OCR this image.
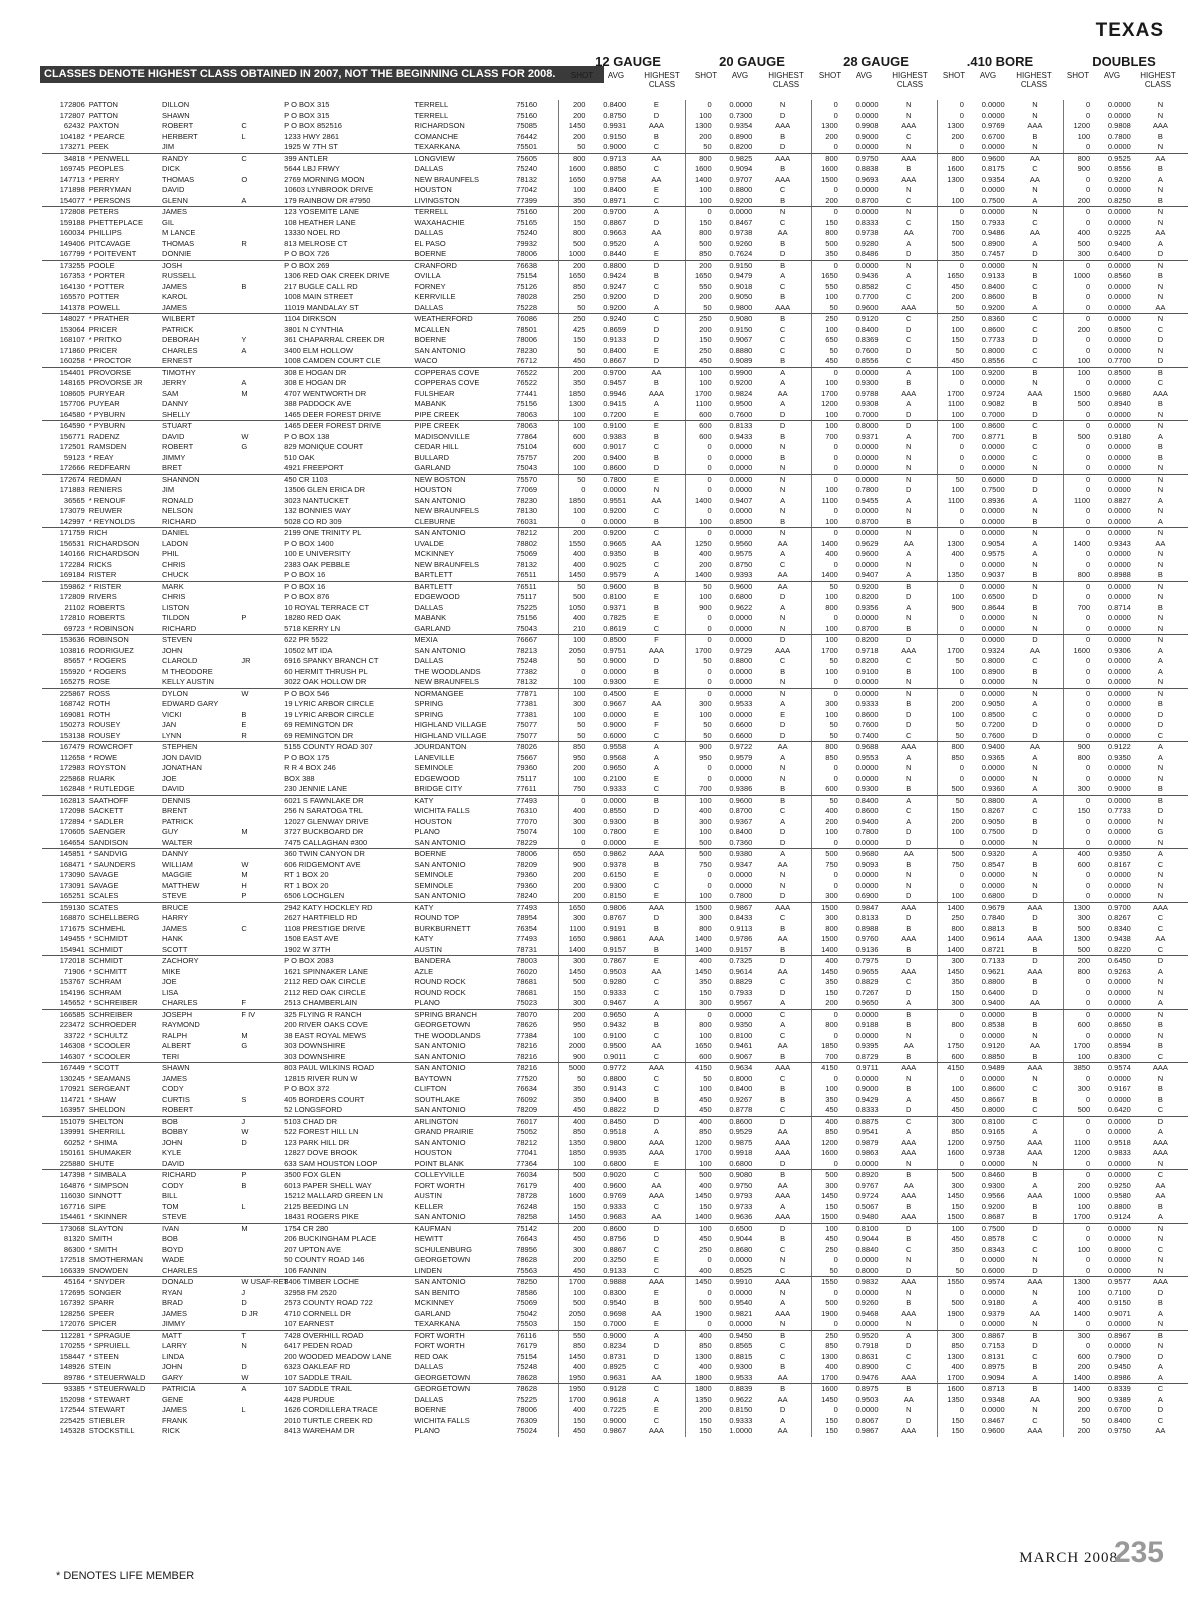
TEXAS
CLASSES DENOTE HIGHEST CLASS OBTAINED IN 2007, NOT THE BEGINNING CLASS FOR 2008.
12 GAUGE
SHOT	AVG	HIGHEST CLASS
20 GAUGE
SHOT	AVG	HIGHEST CLASS
28 GAUGE
SHOT	AVG	HIGHEST CLASS
.410 BORE
SHOT	AVG	HIGHEST CLASS
DOUBLES
SHOT	AVG	HIGHEST CLASS
172806	PATTON	DILLON		P O BOX 315	TERRELL	75160	200	0.8400	E	0	0.0000	N	0	0.0000	N	0	0.0000	N	0	0.0000	N
172807	PATTON	SHAWN		P O BOX 315	TERRELL	75160	200	0.8750	D	100	0.7300	D	0	0.0000	N	0	0.0000	N	0	0.0000	N
62432	PAXTON	ROBERT	C	P O BOX 852516	RICHARDSON	75085	1450	0.9931	AAA	1300	0.9354	AAA	1300	0.9908	AAA	1300	0.9769	AAA	1200	0.9808	AAA
104182	* PEARCE	HERBERT	L	1233 HWY 2861	COMANCHE	76442	200	0.9150	B	200	0.8900	B	200	0.9000	C	200	0.6700	B	100	0.7800	B
173271	PEEK	JIM		1925 W 7TH ST	TEXARKANA	75501	50	0.9000	C	50	0.8200	D	0	0.0000	N	0	0.0000	N	0	0.0000	N
34818	* PENWELL	RANDY	C	399 ANTLER	LONGVIEW	75605	800	0.9713	AA	800	0.9825	AAA	800	0.9750	AAA	800	0.9600	AA	800	0.9525	AA
169745	PEOPLES	DICK		5644 LBJ FRWY	DALLAS	75240	1600	0.8850	C	1600	0.9094	B	1600	0.8838	B	1600	0.8175	C	900	0.8556	B
147713	* PERRY	THOMAS	O	2769 MORNING MOON	NEW BRAUNFELS	78132	1650	0.9758	AA	1400	0.9707	AAA	1500	0.9693	AAA	1300	0.9354	AA	0	0.9200	A
171898	PERRYMAN	DAVID		10603 LYNBROOK DRIVE	HOUSTON	77042	100	0.8400	E	100	0.8800	C	0	0.0000	N	0	0.0000	N	0	0.0000	N
154077	* PERSONS	GLENN	A	179 RAINBOW DR #7950	LIVINGSTON	77399	350	0.8971	C	100	0.9200	B	200	0.8700	C	100	0.7500	A	200	0.8250	B
172808	PETERS	JAMES		123 YOSEMITE LANE	TERRELL	75160	200	0.9700	A	0	0.0000	N	0	0.0000	N	0	0.0000	N	0	0.0000	N
159188	PHETTEPLACE	GIL		108 HEATHER LANE	WAXAHACHIE	75165	150	0.8867	D	150	0.8467	C	150	0.8333	C	150	0.7933	C	0	0.0000	N
160034	PHILLIPS	M LANCE		13330 NOEL RD	DALLAS	75240	800	0.9663	AA	800	0.9738	AA	800	0.9738	AA	700	0.9486	AA	400	0.9225	AA
149406	PITCAVAGE	THOMAS	R	813 MELROSE CT	EL PASO	79932	500	0.9520	A	500	0.9260	B	500	0.9280	A	500	0.8900	A	500	0.9400	A
167799	* POITEVENT	DONNIE		P O BOX 726	BOERNE	78006	1000	0.8440	E	850	0.7624	D	350	0.8486	D	350	0.7457	D	300	0.6400	D
173255	POOLE	JOSH		P O BOX 269	CRANFORD	76638	200	0.8800	D	200	0.9150	B	0	0.0000	N	0	0.0000	N	0	0.0000	N
167353	* PORTER	RUSSELL		1306 RED OAK CREEK DRIVE	OVILLA	75154	1650	0.9424	B	1650	0.9479	A	1650	0.9436	A	1650	0.9133	B	1000	0.8560	B
164130	* POTTER	JAMES	B	217 BUGLE CALL RD	FORNEY	75126	850	0.9247	C	550	0.9018	C	550	0.8582	C	450	0.8400	C	0	0.0000	N
165570	POTTER	KAROL		1008 MAIN STREET	KERRVILLE	78028	250	0.9200	D	200	0.9050	B	100	0.7700	C	200	0.8600	B	0	0.0000	N
141378	POWELL	JAMES		11019 MANDALAY ST	DALLAS	75228	50	0.9200	A	50	0.9800	AAA	50	0.9600	AAA	50	0.9200	A	0	0.0000	AA
148027	* PRATHER	WILBERT		1104 DIRKSON	WEATHERFORD	76086	250	0.9240	C	250	0.9080	B	250	0.9120	C	250	0.8360	C	0	0.0000	N
153064	PRICER	PATRICK		3801 N CYNTHIA	MCALLEN	78501	425	0.8659	D	200	0.9150	C	100	0.8400	D	100	0.8600	C	200	0.8500	C
168107	* PRITKO	DEBORAH	Y	361 CHAPARRAL CREEK DR	BOERNE	78006	150	0.9133	D	150	0.9067	C	650	0.8369	C	150	0.7733	D	0	0.0000	D
171860	PRICER	CHARLES	A	3400 ELM HOLLOW	SAN ANTONIO	78230	50	0.8400	E	250	0.8880	C	50	0.7600	D	50	0.8000	C	0	0.0000	N
160258	* PROCTOR	ERNEST		1008 CAMDEN COURT CLE	WACO	76712	450	0.8667	D	450	0.9089	B	450	0.8556	C	450	0.8556	C	100	0.7700	D
154401	PROVORSE	TIMOTHY		308 E HOGAN DR	COPPERAS COVE	76522	200	0.9700	AA	100	0.9900	A	0	0.0000	A	100	0.9200	B	100	0.8500	B
148165	PROVORSE JR	JERRY	A	308 E HOGAN DR	COPPERAS COVE	76522	350	0.9457	B	100	0.9200	A	100	0.9300	B	0	0.0000	N	0	0.0000	C
108605	PURYEAR	SAM	M	4707 WENTWORTH DR	FULSHEAR	77441	1850	0.9946	AAA	1700	0.9824	AA	1700	0.9788	AAA	1700	0.9724	AAA	1500	0.9680	AAA
157706	PUYEAR	DANNY		388 PADDOCK AVE	MABANK	75156	1300	0.9415	A	1100	0.9500	A	1200	0.9308	A	1100	0.9082	B	500	0.8940	B
164580	* PYBURN	SHELLY		1465 DEER FOREST DRIVE	PIPE CREEK	78063	100	0.7200	E	600	0.7600	D	100	0.7000	D	100	0.7000	D	0	0.0000	N
164590	* PYBURN	STUART		1465 DEER FOREST DRIVE	PIPE CREEK	78063	100	0.9100	E	600	0.8133	D	100	0.8000	D	100	0.8600	C	0	0.0000	N
156771	RADENZ	DAVID	W	P O BOX 138	MADISONVILLE	77864	600	0.9383	B	600	0.9433	B	700	0.9371	A	700	0.8771	B	500	0.9180	A
172501	RAMSDEN	ROBERT	G	829 MONIQUE COURT	CEDAR HILL	75104	600	0.9017	C	0	0.0000	N	0	0.0000	N	0	0.0000	C	0	0.0000	B
59123	* REAY	JIMMY		510 OAK	BULLARD	75757	200	0.9400	B	0	0.0000	B	0	0.0000	N	0	0.0000	C	0	0.0000	B
172666	REDFEARN	BRET		4921 FREEPORT	GARLAND	75043	100	0.8600	D	0	0.0000	N	0	0.0000	N	0	0.0000	N	0	0.0000	N
172674	REDMAN	SHANNON		450 CR 1103	NEW BOSTON	75570	50	0.7800	E	0	0.0000	N	0	0.0000	N	50	0.6000	D	0	0.0000	N
171883	RENIERS	JIM		13506 GLEN ERICA DR	HOUSTON	77069	0	0.0000	N	0	0.0000	N	100	0.7800	D	100	0.7500	D	0	0.0000	N
36565	* RENOUF	RONALD		3023 NANTUCKET	SAN ANTONIO	78230	1850	0.9551	AA	1400	0.9407	A	1100	0.9455	A	1100	0.8936	A	1100	0.8827	A
173079	REUWER	NELSON		132 BONNIES WAY	NEW BRAUNFELS	78130	100	0.9200	C	0	0.0000	N	0	0.0000	N	0	0.0000	N	0	0.0000	N
142997	* REYNOLDS	RICHARD		5028 CO RD 309	CLEBURNE	76031	0	0.0000	B	100	0.8500	B	100	0.8700	B	0	0.0000	B	0	0.0000	A
171759	RICH	DANIEL		2199 ONE TRINITY PL	SAN ANTONIO	78212	200	0.9200	C	0	0.0000	N	0	0.0000	N	0	0.0000	N	0	0.0000	N
156531	RICHARDSON	LADON		P O BOX 1400	UVALDE	78802	1550	0.9665	AA	1250	0.9560	AA	1400	0.9629	AA	1300	0.9054	A	1400	0.9343	AA
140166	RICHARDSON	PHIL		100 E UNIVERSITY	MCKINNEY	75069	400	0.9350	B	400	0.9575	A	400	0.9600	A	400	0.9575	A	0	0.0000	N
172284	RICKS	CHRIS		2383 OAK PEBBLE	NEW BRAUNFELS	78132	400	0.9025	C	200	0.8750	C	0	0.0000	N	0	0.0000	N	0	0.0000	N
169184	RISTER	CHUCK		P O BOX 16	BARTLETT	76511	1450	0.9579	A	1400	0.9393	AA	1400	0.9407	A	1350	0.9037	B	800	0.8988	B
159862	* RISTER	MARK		P O BOX 16	BARTLETT	76511	50	0.9600	B	50	0.9600	AA	50	0.9200	B	0	0.0000	N	0	0.0000	N
172809	RIVERS	CHRIS		P O BOX 876	EDGEWOOD	75117	500	0.8100	E	100	0.6800	D	100	0.8200	D	100	0.6500	D	0	0.0000	N
21102	ROBERTS	LISTON		10 ROYAL TERRACE CT	DALLAS	75225	1050	0.9371	B	900	0.9622	A	800	0.9356	A	900	0.8644	B	700	0.8714	B
172810	ROBERTS	TILDON	P	18280 RED OAK	MABANK	75156	400	0.7825	E	0	0.0000	N	0	0.0000	N	0	0.0000	N	0	0.0000	N
69723	* ROBINSON	RICHARD		5718 KERRY LN	GARLAND	75043	210	0.8619	C	0	0.0000	N	100	0.8700	B	0	0.0000	N	0	0.0000	N
153636	ROBINSON	STEVEN		622 PR 5522	MEXIA	76667	100	0.8500	F	0	0.0000	D	100	0.8200	D	0	0.0000	D	0	0.0000	N
103816	RODRIGUEZ	JOHN		10502 MT IDA	SAN ANTONIO	78213	2050	0.9751	AAA	1700	0.9729	AAA	1700	0.9718	AAA	1700	0.9324	AA	1600	0.9306	A
85657	* ROGERS	CLAROLD	JR	6916 SPANKY BRANCH CT	DALLAS	75248	50	0.9000	D	50	0.8800	C	50	0.8200	C	50	0.8000	C	0	0.0000	A
155920	* ROGERS	M THEODORE		60 HERMIT THRUSH PL	THE WOODLANDS	77382	0	0.0000	B	0	0.0000	B	100	0.9100	B	100	0.8900	B	0	0.0000	A
165275	ROSE	KELLY AUSTIN		3022 OAK HOLLOW DR	NEW BRAUNFELS	78132	100	0.9300	E	0	0.0000	N	0	0.0000	N	0	0.0000	N	0	0.0000	N
225867	ROSS	DYLON	W	P O BOX 546	NORMANGEE	77871	100	0.4500	E	0	0.0000	N	0	0.0000	N	0	0.0000	N	0	0.0000	N
168742	ROTH	EDWARD GARY		19 LYRIC ARBOR CIRCLE	SPRING	77381	300	0.9667	AA	300	0.9533	A	300	0.9333	B	200	0.9050	A	0	0.0000	B
169081	ROTH	VICKI	B	19 LYRIC ARBOR CIRCLE	SPRING	77381	100	0.0000	E	100	0.0000	E	100	0.8600	D	100	0.8500	C	0	0.0000	D
150273	ROUSEY	JAN	E	69 REMINGTON DR	HIGHLAND VILLAGE	75077	50	0.9000	F	50	0.6600	D	50	0.7600	D	50	0.7200	D	0	0.0000	D
153138	ROUSEY	LYNN	R	69 REMINGTON DR	HIGHLAND VILLAGE	75077	50	0.6000	C	50	0.6600	D	50	0.7400	C	50	0.7600	D	0	0.0000	C
167479	ROWCROFT	STEPHEN		5155 COUNTY ROAD 307	JOURDANTON	78026	850	0.9558	A	900	0.9722	AA	800	0.9688	AAA	800	0.9400	AA	900	0.9122	A
112658	* ROWE	JON DAVID		P O BOX 175	LANEVILLE	75667	950	0.9568	A	950	0.9579	A	850	0.9553	A	850	0.9365	A	800	0.9350	A
172983	ROYSTON	JONATHAN		R R 4 BOX 246	SEMINOLE	79360	200	0.9650	A	0	0.0000	N	0	0.0000	N	0	0.0000	N	0	0.0000	N
225868	RUARK	JOE		BOX 388	EDGEWOOD	75117	100	0.2100	E	0	0.0000	N	0	0.0000	N	0	0.0000	N	0	0.0000	N
162848	* RUTLEDGE	DAVID		230 JENNIE LANE	BRIDGE CITY	77611	750	0.9333	C	700	0.9386	B	600	0.9300	B	500	0.9360	A	300	0.9000	B
162813	SAATHOFF	DENNIS		6021 S FAWNLAKE DR	KATY	77493	0	0.0000	B	100	0.9600	B	50	0.8400	A	50	0.8800	A	0	0.0000	B
172098	SACKETT	BRENT		256 N SARATOGA TRL	WICHITA FALLS	76310	400	0.8550	D	400	0.8700	C	400	0.8600	C	150	0.8267	C	150	0.7733	D
172894	* SADLER	PATRICK		12027 GLENWAY DRIVE	HOUSTON	77070	300	0.9300	B	300	0.9367	A	200	0.9400	A	200	0.9050	B	0	0.0000	N
170605	SAENGER	GUY	M	3727 BUCKBOARD DR	PLANO	75074	100	0.7800	E	100	0.8400	D	100	0.7800	D	100	0.7500	D	0	0.0000	G
164654	SANDISON	WALTER		7475 CALLAGHAN #300	SAN ANTONIO	78229	0	0.0000	E	500	0.7360	D	0	0.0000	D	0	0.0000	N	0	0.0000	N
145851	* SANDVIG	DANNY		360 TWIN CANYON DR	BOERNE	78006	650	0.9862	AAA	500	0.9380	A	500	0.9680	AA	500	0.9320	A	400	0.9350	A
168471	* SAUNDERS	WILLIAM	W	606 RIDGEMONT AVE	SAN ANTONIO	78209	900	0.9378	B	750	0.9347	AA	750	0.9093	B	750	0.8547	B	600	0.8167	C
173090	SAVAGE	MAGGIE	M	RT 1 BOX 20	SEMINOLE	79360	200	0.6150	E	0	0.0000	N	0	0.0000	N	0	0.0000	N	0	0.0000	N
173091	SAVAGE	MATTHEW	H	RT 1 BOX 20	SEMINOLE	79360	200	0.9300	C	0	0.0000	N	0	0.0000	N	0	0.0000	N	0	0.0000	N
165251	SCALES	STEVE	P	6506 LOCHGLEN	SAN ANTONIO	78240	200	0.8150	E	100	0.7800	D	300	0.6900	D	100	0.6800	D	0	0.0000	N
159130	SCATES	BRUCE		2942 KATY HOCKLEY RD	KATY	77493	1650	0.9806	AAA	1500	0.9867	AAA	1500	0.9847	AAA	1400	0.9679	AAA	1300	0.9700	AAA
168870	SCHELLBERG	HARRY		2627 HARTFIELD RD	ROUND TOP	78954	300	0.8767	D	300	0.8433	C	300	0.8133	D	250	0.7840	D	300	0.8267	C
171675	SCHMEHL	JAMES	C	1108 PRESTIGE DRIVE	BURKBURNETT	76354	1100	0.9191	B	800	0.9113	B	800	0.8988	B	800	0.8813	B	500	0.8340	C
149455	* SCHMIDT	HANK		1508 EAST AVE	KATY	77493	1650	0.9861	AAA	1400	0.9786	AA	1500	0.9760	AAA	1400	0.9614	AAA	1300	0.9438	AA
154941	SCHMIDT	SCOTT		1902 W 37TH	AUSTIN	78731	1400	0.9157	B	1400	0.9157	B	1400	0.9136	B	1400	0.8721	B	500	0.8220	C
172018	SCHMIDT	ZACHORY		P O BOX 2083	BANDERA	78003	300	0.7867	E	400	0.7325	D	400	0.7975	D	300	0.7133	D	200	0.6450	D
71906	* SCHMITT	MIKE		1621 SPINNAKER LANE	AZLE	76020	1450	0.9503	AA	1450	0.9614	AA	1450	0.9655	AAA	1450	0.9621	AAA	800	0.9263	A
153767	SCHRAM	JOE		2112 RED OAK CIRCLE	ROUND ROCK	78681	500	0.9280	C	350	0.8829	C	350	0.8829	C	350	0.8800	B	0	0.0000	N
154196	SCHRAM	LISA		2112 RED OAK CIRCLE	ROUND ROCK	78681	150	0.9333	C	150	0.7933	D	150	0.7267	D	150	0.6400	D	0	0.0000	N
145652	* SCHREIBER	CHARLES	F	2513 CHAMBERLAIN	PLANO	75023	300	0.9467	A	300	0.9567	A	200	0.9650	A	300	0.9400	AA	0	0.0000	A
166585	SCHREIBER	JOSEPH	F IV	325 FLYING R RANCH	SPRING BRANCH	78070	200	0.9650	A	0	0.0000	C	0	0.0000	B	0	0.0000	B	0	0.0000	N
223472	SCHROEDER	RAYMOND		200 RIVER OAKS COVE	GEORGETOWN	78626	950	0.9432	B	800	0.9350	A	800	0.9188	B	800	0.8538	B	600	0.8650	B
33722	* SCHULTZ	RALPH	M	38 EAST ROYAL MEWS	THE WOODLANDS	77384	100	0.9100	C	100	0.8100	C	0	0.0000	N	0	0.0000	N	0	0.0000	N
146308	* SCOOLER	ALBERT	G	303 DOWNSHIRE	SAN ANTONIO	78216	2000	0.9500	AA	1650	0.9461	AA	1850	0.9395	AA	1750	0.9120	AA	1700	0.8594	B
146307	* SCOOLER	TERI		303 DOWNSHIRE	SAN ANTONIO	78216	900	0.9011	C	600	0.9067	B	700	0.8729	B	600	0.8850	B	100	0.8300	C
167449	* SCOTT	SHAWN		803 PAUL WILKINS ROAD	SAN ANTONIO	78216	5000	0.9772	AAA	4150	0.9634	AAA	4150	0.9711	AAA	4150	0.9489	AAA	3850	0.9574	AAA
130245	* SEAMANS	JAMES		12815 RIVER RUN W	BAYTOWN	77520	50	0.8800	C	50	0.8000	C	0	0.0000	N	0	0.0000	N	0	0.0000	N
170921	SERGEANT	CODY		P O BOX 372	CLIFTON	76634	350	0.9143	C	100	0.8400	B	100	0.9000	B	100	0.8600	C	300	0.9167	B
114721	* SHAW	CURTIS	S	405 BORDERS COURT	SOUTHLAKE	76092	350	0.9400	B	450	0.9267	B	350	0.9429	A	450	0.8667	B	0	0.0000	B
163957	SHELDON	ROBERT		52 LONGSFORD	SAN ANTONIO	78209	450	0.8822	D	450	0.8778	C	450	0.8333	D	450	0.8000	C	500	0.6420	C
151079	SHELTON	BOB	J	5103 CHAD DR	ARLINGTON	76017	400	0.8450	D	400	0.8600	D	400	0.8875	C	300	0.8100	C	0	0.0000	D
139991	SHERRILL	BOBBY	W	522 FOREST HILL LN	GRAND PRAIRIE	75052	850	0.9518	A	850	0.9529	AA	850	0.9541	A	850	0.9165	A	0	0.0000	A
60252	* SHIMA	JOHN	D	123 PARK HILL DR	SAN ANTONIO	78212	1350	0.9800	AAA	1200	0.9875	AAA	1200	0.9879	AAA	1200	0.9750	AAA	1100	0.9518	AAA
150161	SHUMAKER	KYLE		12827 DOVE BROOK	HOUSTON	77041	1850	0.9935	AAA	1700	0.9918	AAA	1600	0.9863	AAA	1600	0.9738	AAA	1200	0.9833	AAA
225880	SHUTE	DAVID		633 SAM HOUSTON LOOP	POINT BLANK	77364	100	0.6800	E	100	0.6800	D	0	0.0000	N	0	0.0000	N	0	0.0000	N
147398	* SIMBALA	RICHARD	P	3500 FOX GLEN	COLLEYVILLE	76034	500	0.9020	C	500	0.9080	B	500	0.8920	B	500	0.8460	B	0	0.0000	C
164876	* SIMPSON	CODY	B	6013 PAPER SHELL WAY	FORT WORTH	76179	400	0.9600	AA	400	0.9750	AA	300	0.9767	AA	300	0.9300	A	200	0.9250	AA
116030	SINNOTT	BILL		15212 MALLARD GREEN LN	AUSTIN	78728	1600	0.9769	AAA	1450	0.9793	AAA	1450	0.9724	AAA	1450	0.9566	AAA	1000	0.9580	AA
167716	SIPE	TOM	L	2125 BEEDING LN	KELLER	76248	150	0.9333	C	150	0.9733	A	150	0.5067	B	150	0.9200	B	100	0.8800	B
154461	* SKINNER	STEVE		18431 ROGERS PIKE	SAN ANTONIO	78258	1450	0.9683	AA	1400	0.9636	AAA	1500	0.9480	AAA	1500	0.8687	B	1700	0.9124	A
173068	SLAYTON	IVAN	M	1754 CR 280	KAUFMAN	75142	200	0.8600	D	100	0.6500	D	100	0.8100	D	100	0.7500	D	0	0.0000	N
81320	SMITH	BOB		206 BUCKINGHAM PLACE	HEWITT	76643	450	0.8756	D	450	0.9044	B	450	0.9044	B	450	0.8578	C	0	0.0000	N
86300	* SMITH	BOYD		207 UPTON AVE	SCHULENBURG	78956	300	0.8867	C	250	0.8680	C	250	0.8840	C	350	0.8343	C	100	0.8000	C
172518	SMOTHERMAN	WADE		50 COUNTY ROAD 146	GEORGETOWN	78628	200	0.3250	E	0	0.0000	N	0	0.0000	N	0	0.0000	N	0	0.0000	N
166339	SNOWDEN	CHARLES		106 FANNIN	LINDEN	75563	450	0.9133	C	400	0.8525	C	50	0.8000	D	50	0.6000	D	0	0.0000	N
45164	* SNYDER	DONALD	W USAF-RET	8406 TIMBER LOCHE	SAN ANTONIO	78250	1700	0.9888	AAA	1450	0.9910	AAA	1550	0.9832	AAA	1550	0.9574	AAA	1300	0.9577	AAA
172695	SONGER	RYAN	J	32958 FM 2520	SAN BENITO	78586	100	0.8300	E	0	0.0000	N	0	0.0000	N	0	0.0000	N	100	0.7100	D
167392	SPARR	BRAD	D	2573 COUNTY ROAD 722	MCKINNEY	75069	500	0.9540	B	500	0.9540	A	500	0.9260	B	500	0.9180	A	400	0.9150	B
128256	SPEER	JAMES	D JR	4710 CORNELL DR	GARLAND	75042	2050	0.9698	AA	1900	0.9821	AAA	1900	0.9468	AAA	1900	0.9379	AA	1400	0.9071	A
172076	SPICER	JIMMY		107 EARNEST	TEXARKANA	75503	150	0.7000	E	0	0.0000	N	0	0.0000	N	0	0.0000	N	0	0.0000	N
112281	* SPRAGUE	MATT	T	7428 OVERHILL ROAD	FORT WORTH	76116	550	0.9000	A	400	0.9450	B	250	0.9520	A	300	0.8867	B	300	0.8967	B
170255	* SPRUIELL	LARRY	N	6417 PEDEN ROAD	FORT WORTH	76179	850	0.8234	D	850	0.8565	C	850	0.7918	D	850	0.7153	D	0	0.0000	N
158447	* STEEN	LINDA		200 WOODED MEADOW LANE	RED OAK	75154	1450	0.8731	D	1300	0.8815	C	1300	0.8631	C	1300	0.8131	C	600	0.7900	D
148926	STEIN	JOHN	D	6323 OAKLEAF RD	DALLAS	75248	400	0.8925	C	400	0.9300	B	400	0.8900	C	400	0.8975	B	200	0.9450	A
89786	* STEUERWALD	GARY	W	107 SADDLE TRAIL	GEORGETOWN	78628	1950	0.9631	AA	1800	0.9533	AA	1700	0.9476	AAA	1700	0.9094	A	1400	0.8986	A
93385	* STEUERWALD	PATRICIA	A	107 SADDLE TRAIL	GEORGETOWN	78628	1950	0.9128	C	1800	0.8839	B	1600	0.8975	B	1600	0.8713	B	1400	0.8339	C
152098	* STEWART	GENE		4428 PURDUE	DALLAS	75225	1700	0.9618	A	1350	0.9622	AA	1450	0.9503	AA	1350	0.9348	AA	900	0.9389	A
172544	STEWART	JAMES	L	1626 CORDILLERA TRACE	BOERNE	78006	400	0.7225	E	200	0.8150	D	0	0.0000	N	0	0.0000	N	200	0.6700	D
225425	STIEBLER	FRANK		2010 TURTLE CREEK RD	WICHITA FALLS	76309	150	0.9000	C	150	0.9333	A	150	0.8067	D	150	0.8467	C	50	0.8400	C
145328	STOCKSTILL	RICK		8413 WAREHAM DR	PLANO	75024	450	0.9867	AAA	150	1.0000	AA	150	0.9867	AAA	150	0.9600	AAA	200	0.9750	AA
* DENOTES LIFE MEMBER
MARCH 2008
235
